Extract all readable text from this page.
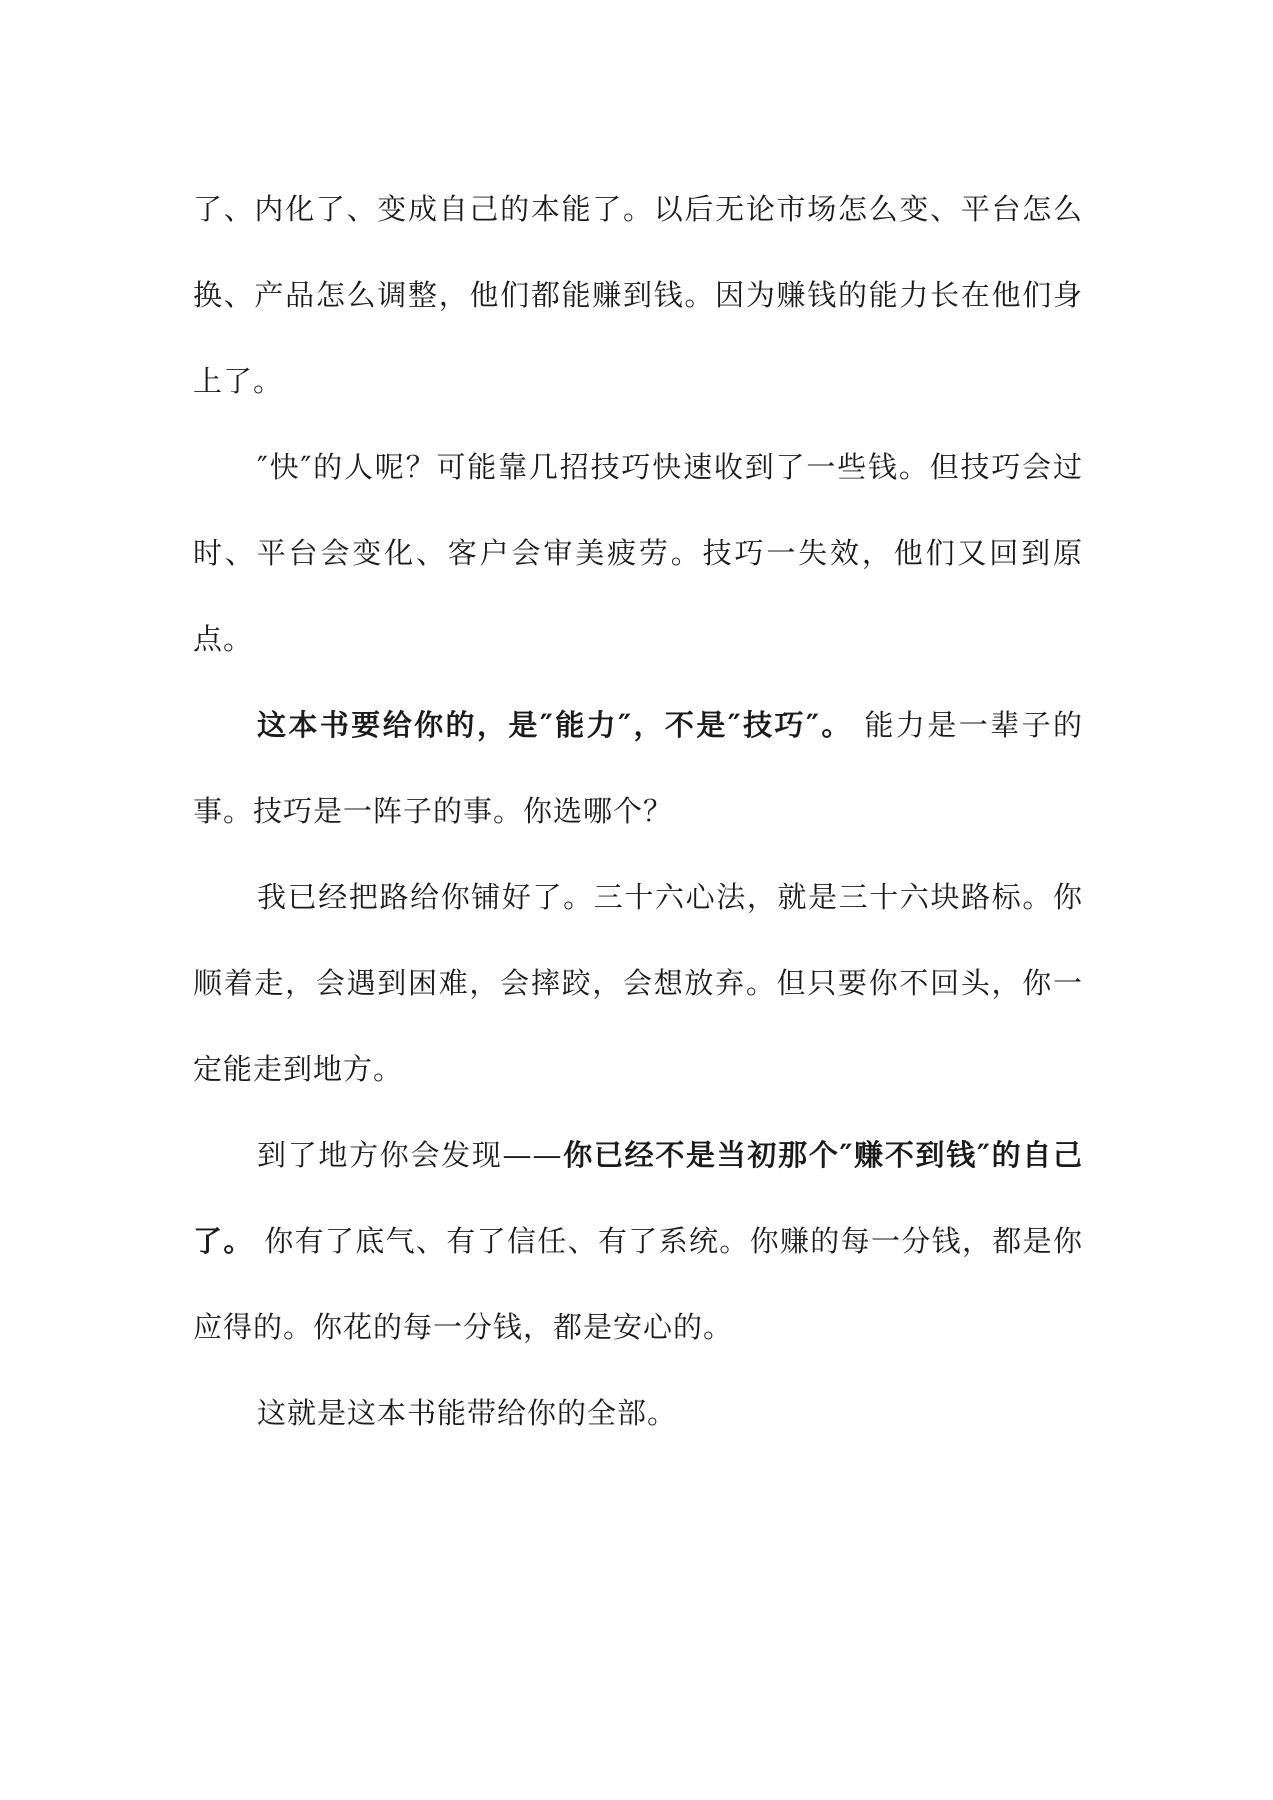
了、内化了、变成自己的本能了。以后无论市场怎么变、平台怎么换、产品怎么调整，他们都能赚到钱。因为赚钱的能力长在他们身上了。

″快″的人呢？可能靠几招技巧快速收到了一些钱。但技巧会过时、平台会变化、客户会审美疲劳。技巧一失效，他们又回到原点。

这本书要给你的，是″能力″，不是″技巧″。 能力是一辈子的事。技巧是一阵子的事。你选哪个？

我已经把路给你铺好了。三十六心法，就是三十六块路标。你顺着走，会遇到困难，会摔跤，会想放弃。但只要你不回头，你一定能走到地方。

到了地方你会发现——你已经不是当初那个″赚不到钱″的自己了。 你有了底气、有了信任、有了系统。你赚的每一分钱，都是你应得的。你花的每一分钱，都是安心的。

这就是这本书能带给你的全部。
